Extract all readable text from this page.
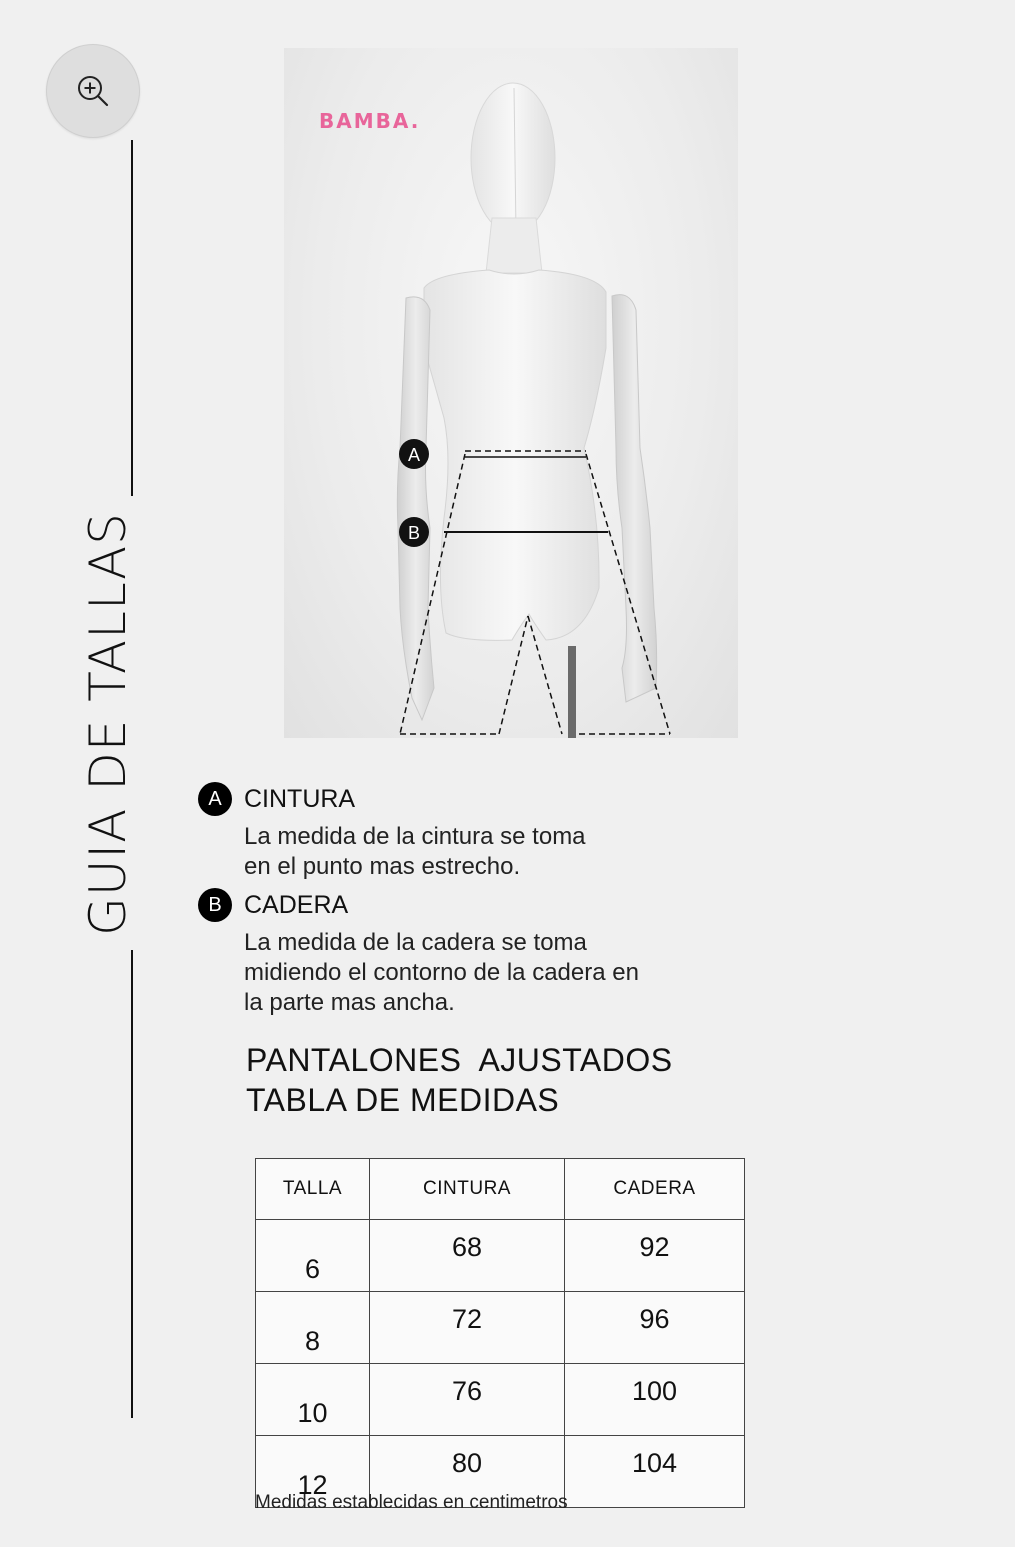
GUIA DE TALLAS
BAMBA.
A
B
A CINTURA
La medida de la cintura se toma
en el punto mas estrecho.
B CADERA
La medida de la cadera se toma
midiendo el contorno de la cadera en
la parte mas ancha.
PANTALONES  AJUSTADOS
TABLA DE MEDIDAS
TALLA	CINTURA	CADERA
6	68	92
8	72	96
10	76	100
12	80	104
Medidas establecidas en centimetros
